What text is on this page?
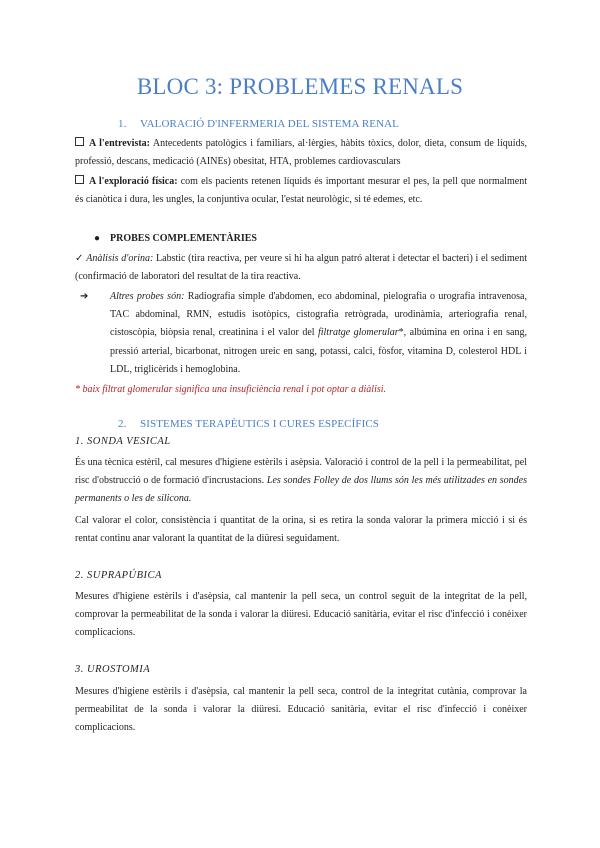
BLOC 3: PROBLEMES RENALS
1. VALORACIÓ D'INFERMERIA DEL SISTEMA RENAL
A l'entrevista: Antecedents patològics i familiars, al·lèrgies, hàbits tòxics, dolor, dieta, consum de líquids, professió, descans, medicació (AINEs) obesitat, HTA, problemes cardiovasculars
A l'exploració física: com els pacients retenen líquids és important mesurar el pes, la pell que normalment és cianòtica i dura, les ungles, la conjuntiva ocular, l'estat neurològic, si té edemes, etc.
● PROBES COMPLEMENTÀRIES
✓ Anàlisis d'orina: Labstic (tira reactiva, per veure si hi ha algun patró alterat i detectar el bacteri) i el sediment (confirmació de laboratori del resultat de la tira reactiva.
➔ Altres probes són: Radiografia simple d'abdomen, eco abdominal, pielografia o urografia intravenosa, TAC abdominal, RMN, estudis isotòpics, cistografia retrògrada, urodinàmia, arteriografia renal, cistoscòpia, biòpsia renal, creatinina i el valor del filtratge glomerular*, albúmina en orina i en sang, pressió arterial, bicarbonat, nitrogen ureic en sang, potassi, calci, fòsfor, vitamina D, colesterol HDL i LDL, triglicèrids i hemoglobina.
* baix filtrat glomerular significa una insuficiència renal i pot optar a diàlisi.
2. SISTEMES TERAPÈUTICS I CURES ESPECÍFICS
1. SONDA VESICAL
És una tècnica estèril, cal mesures d'higiene estèrils i asèpsia. Valoració i control de la pell i la permeabilitat, pel risc d'obstrucció o de formació d'incrustacions. Les sondes Folley de dos llums són les més utilitzades en sondes permanents o les de silicona.
Cal valorar el color, consistència i quantitat de la orina, si es retira la sonda valorar la primera micció i si és rentat continu anar valorant la quantitat de la diüresi seguidament.
2. SUPRAPÚBICA
Mesures d'higiene estèrils i d'asèpsia, cal mantenir la pell seca, un control seguit de la integritat de la pell, comprovar la permeabilitat de la sonda i valorar la diüresi. Educació sanitària, evitar el risc d'infecció i conèixer complicacions.
3. UROSTOMIA
Mesures d'higiene estèrils i d'asèpsia, cal mantenir la pell seca, control de la integritat cutània, comprovar la permeabilitat de la sonda i valorar la diüresi. Educació sanitària, evitar el risc d'infecció i conèixer complicacions.
